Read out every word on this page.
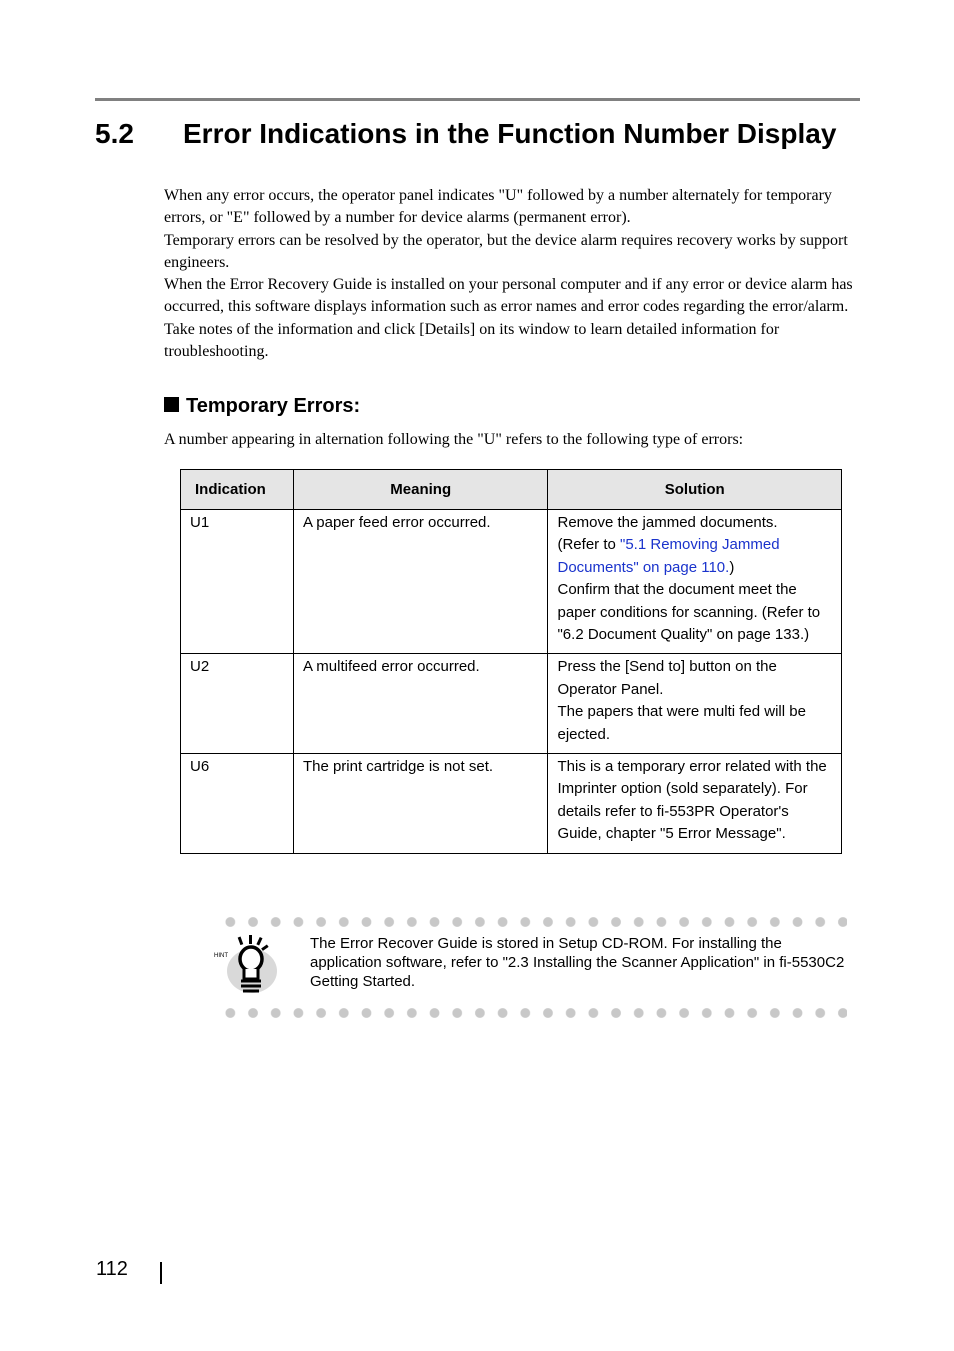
5.2 Error Indications in the Function Number Display

When any error occurs, the operator panel indicates "U" followed by a number alternately for temporary errors, or "E" followed by a number for device alarms (permanent error).

Temporary errors can be resolved by the operator, but the device alarm requires recovery works by support engineers.

When the Error Recovery Guide is installed on your personal computer and if any error or device alarm has occurred, this software displays information such as error names and error codes regarding the error/alarm. Take notes of the information and click [Details] on its window to learn detailed information for troubleshooting.

Temporary Errors:
A number appearing in alternation following the "U" refers to the following type of errors:
Indication	Meaning	Solution
U1	A paper feed error occurred.	Remove the jammed documents.
(Refer to "5.1 Removing Jammed Documents" on page 110.)
Confirm that the document meet the paper conditions for scanning. (Refer to "6.2 Document Quality" on page 133.)
U2	A multifeed error occurred.	Press the [Send to] button on the Operator Panel.
The papers that were multi fed will be ejected.
U6	The print cartridge is not set.	This is a temporary error related with the Imprinter option (sold separately). For details refer to fi-553PR Operator's Guide, chapter "5 Error Message".
HINT
The Error Recover Guide is stored in Setup CD-ROM. For installing the application software, refer to "2.3 Installing the Scanner Application" in fi-5530C2 Getting Started.
112
